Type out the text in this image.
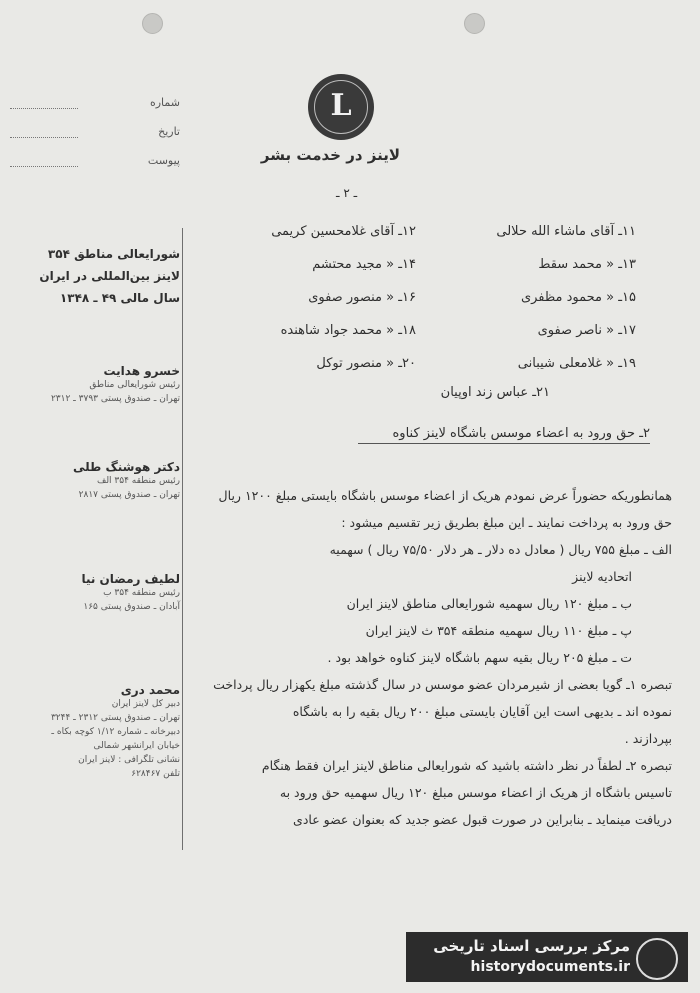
L
لاینز در خدمت بشر
شماره
تاریخ
پیوست
ـ ۲ ـ
شورایعالی مناطق ۳۵۴
لاینز بین‌المللی در ایران
سال مالی ۴۹ ـ ۱۳۴۸
خسرو هدایت
رئیس شورایعالی مناطق
تهران ـ صندوق پستی ۳۷۹۳ ـ ۲۳۱۲
دکتر هوشنگ طلی
رئیس منطقه ۳۵۴ الف
تهران ـ صندوق پستی ۲۸۱۷
لطیف رمضان نیا
رئیس منطقه ۳۵۴ ب
آبادان ـ صندوق پستی ۱۶۵
محمد دری
دبیر کل لاینز ایران
تهران ـ صندوق پستی ۲۳۱۲ ـ ۳۲۴۴
دبیرخانه ـ شماره ۱/۱۲ کوچه بکاه ـ
خیابان ایرانشهر شمالی
نشانی تلگرافی : لاینز ایران
تلفن ۶۲۸۴۶۷
۱۱ـ آقای ماشاء الله حلالی
۱۳ـ « محمد سقط
۱۵ـ « محمود مظفری
۱۷ـ « ناصر صفوی
۱۹ـ « غلامعلی شیبانی
۱۲ـ آقای غلامحسین کریمی
۱۴ـ « مجید محتشم
۱۶ـ « منصور صفوی
۱۸ـ « محمد جواد شاهنده
۲۰ـ « منصور توکل
۲۱ـ عباس زند اوپیان
۲ـ حق ورود به اعضاء موسس باشگاه لاینز کناوه
همانطوریکه حضوراً عرض نمودم هریک از اعضاء موسس باشگاه بایستی مبلغ ۱۲۰۰ ریال
حق ورود به پرداخت نمایند ـ این مبلغ بطریق زیر تقسیم میشود :
الف ـ مبلغ ۷۵۵ ریال ( معادل ده دلار ـ هر دلار ۷۵/۵۰ ریال ) سهمیه
اتحادیه لاینز
ب ـ مبلغ ۱۲۰ ریال سهمیه شورایعالی مناطق لاینز ایران
پ ـ مبلغ ۱۱۰ ریال سهمیه منطقه ۳۵۴ ث لاینز ایران
ت ـ مبلغ ۲۰۵ ریال بقیه سهم باشگاه لاینز کناوه خواهد بود .
تبصره ۱ـ گویا بعضی از شیرمردان عضو موسس در سال گذشته مبلغ یکهزار ریال پرداخت
نموده اند ـ بدیهی است این آقایان بایستی مبلغ ۲۰۰ ریال بقیه را به باشگاه
بپردازند .
تبصره ۲ـ لطفاً در نظر داشته باشید که شورایعالی مناطق لاینز ایران فقط هنگام
تاسیس باشگاه از هریک از اعضاء موسس مبلغ ۱۲۰ ریال سهمیه حق ورود به
دریافت مینماید ـ بنابراین در صورت قبول عضو جدید که بعنوان عضو عادی
مرکز بررسی اسناد تاریخی
historydocuments.ir
